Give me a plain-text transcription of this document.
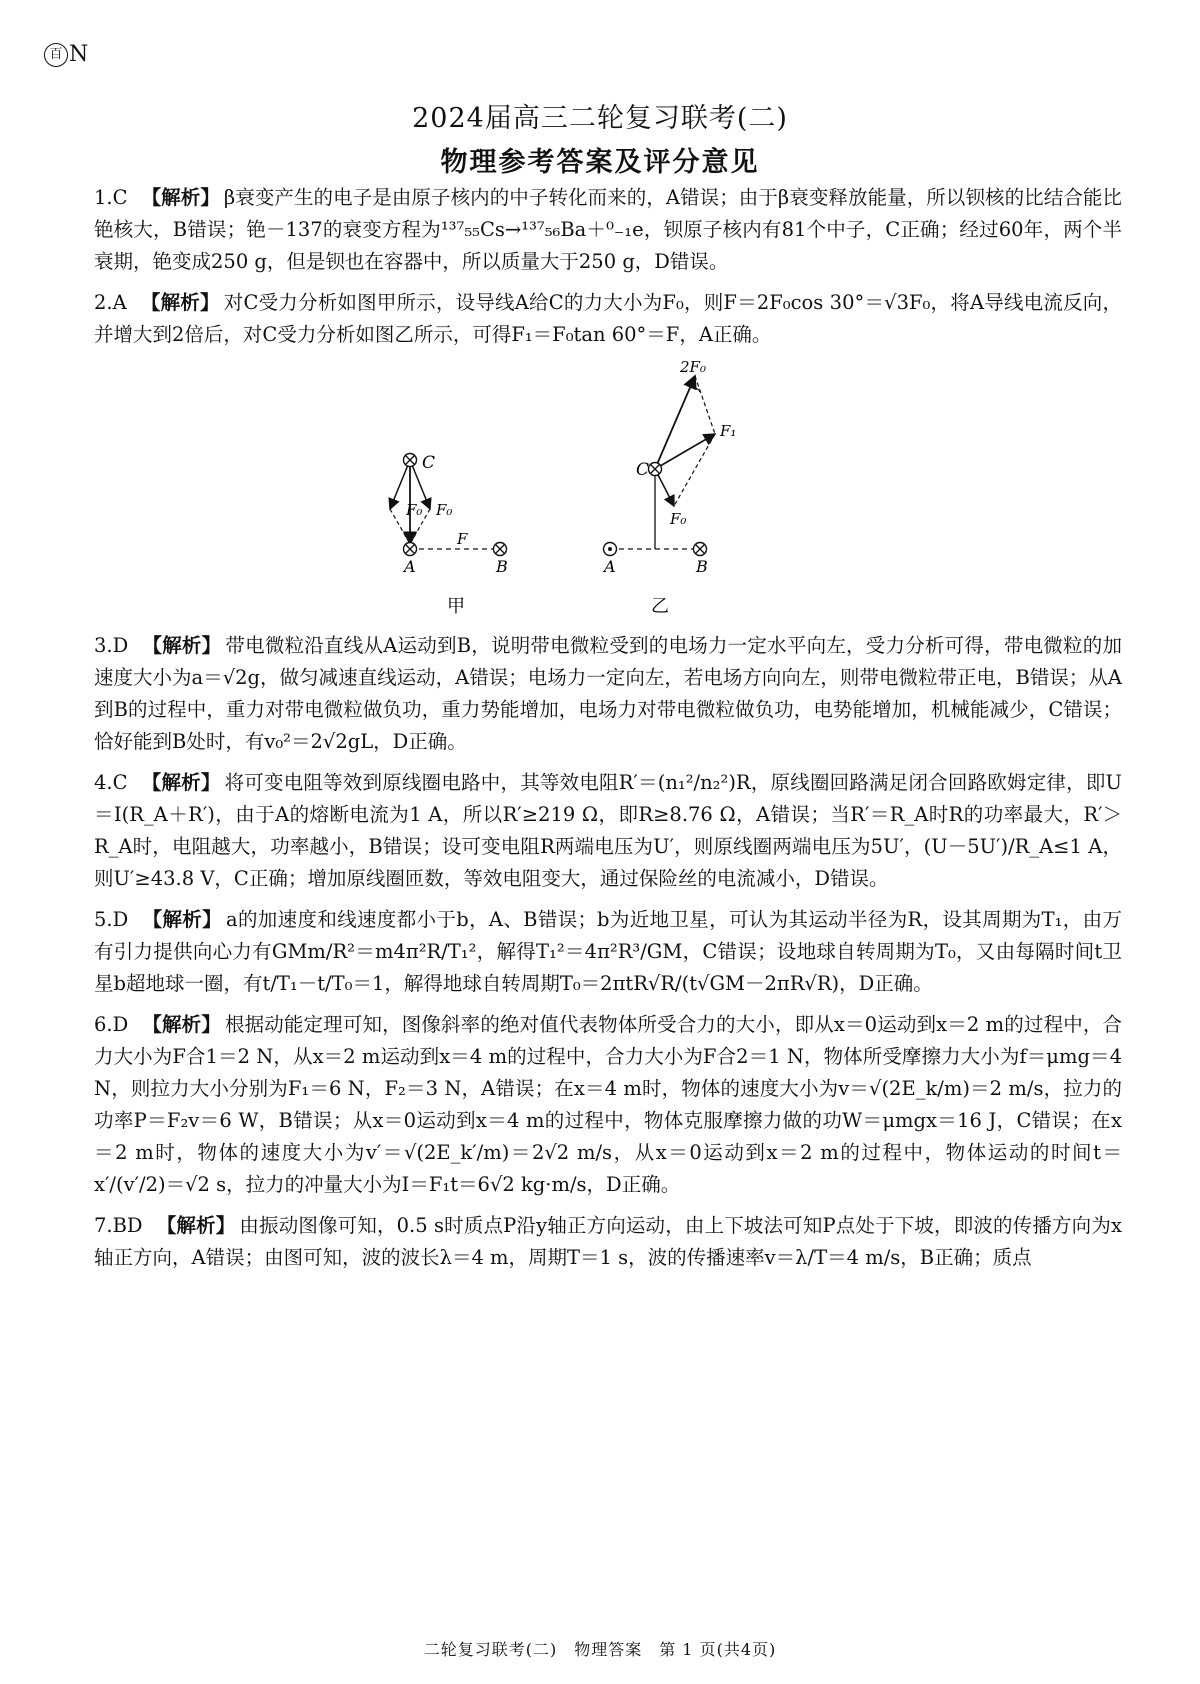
百 N
2024届高三二轮复习联考(二)
物理参考答案及评分意见

1.C 【解析】 β衰变产生的电子是由原子核内的中子转化而来的，A错误；由于β衰变释放能量，所以钡核的比结合能比铯核大，B错误；铯－137的衰变方程为¹³⁷₅₅Cs→¹³⁷₅₆Ba＋⁰₋₁e，钡原子核内有81个中子，C正确；经过60年，两个半衰期，铯变成250 g，但是钡也在容器中，所以质量大于250 g，D错误。

2.A 【解析】 对C受力分析如图甲所示，设导线A给C的力大小为F₀，则F＝2F₀cos 30°＝√3F₀，将A导线电流反向，并增大到2倍后，对C受力分析如图乙所示，可得F₁＝F₀tan 60°＝F，A正确。

C
A	B
F₀ F₀
F
甲
C
A	B
2F₀
F₁
F₀
乙

3.D 【解析】 带电微粒沿直线从A运动到B，说明带电微粒受到的电场力一定水平向左，受力分析可得，带电微粒的加速度大小为a＝√2g，做匀减速直线运动，A错误；电场力一定向左，若电场方向向左，则带电微粒带正电，B错误；从A到B的过程中，重力对带电微粒做负功，重力势能增加，电场力对带电微粒做负功，电势能增加，机械能减少，C错误；恰好能到B处时，有v₀²＝2√2gL，D正确。

4.C 【解析】 将可变电阻等效到原线圈电路中，其等效电阻R′＝(n₁²/n₂²)R，原线圈回路满足闭合回路欧姆定律，即U＝I(R_A＋R′)，由于A的熔断电流为1 A，所以R′≥219 Ω，即R≥8.76 Ω，A错误；当R′＝R_A时R的功率最大，R′＞R_A时，电阻越大，功率越小，B错误；设可变电阻R两端电压为U′，则原线圈两端电压为5U′，(U－5U′)/R_A≤1 A，则U′≥43.8 V，C正确；增加原线圈匝数，等效电阻变大，通过保险丝的电流减小，D错误。

5.D 【解析】 a的加速度和线速度都小于b，A、B错误；b为近地卫星，可认为其运动半径为R，设其周期为T₁，由万有引力提供向心力有GMm/R²＝m4π²R/T₁²，解得T₁²＝4π²R³/GM，C错误；设地球自转周期为T₀，又由每隔时间t卫星b超地球一圈，有t/T₁－t/T₀＝1，解得地球自转周期T₀＝2πtR√R/(t√GM－2πR√R)，D正确。

6.D 【解析】 根据动能定理可知，图像斜率的绝对值代表物体所受合力的大小，即从x＝0运动到x＝2 m的过程中，合力大小为F合1＝2 N，从x＝2 m运动到x＝4 m的过程中，合力大小为F合2＝1 N，物体所受摩擦力大小为f＝μmg＝4 N，则拉力大小分别为F₁＝6 N，F₂＝3 N，A错误；在x＝4 m时，物体的速度大小为v＝√(2E_k/m)＝2 m/s，拉力的功率P＝F₂v＝6 W，B错误；从x＝0运动到x＝4 m的过程中，物体克服摩擦力做的功W＝μmgx＝16 J，C错误；在x＝2 m时，物体的速度大小为v′＝√(2E_k′/m)＝2√2 m/s，从x＝0运动到x＝2 m的过程中，物体运动的时间t＝x′/(v′/2)＝√2 s，拉力的冲量大小为I＝F₁t＝6√2 kg·m/s，D正确。

7.BD 【解析】 由振动图像可知，0.5 s时质点P沿y轴正方向运动，由上下坡法可知P点处于下坡，即波的传播方向为x轴正方向，A错误；由图可知，波的波长λ＝4 m，周期T＝1 s，波的传播速率v＝λ/T＝4 m/s，B正确；质点

二轮复习联考(二)　物理答案　第 1 页(共4页)
